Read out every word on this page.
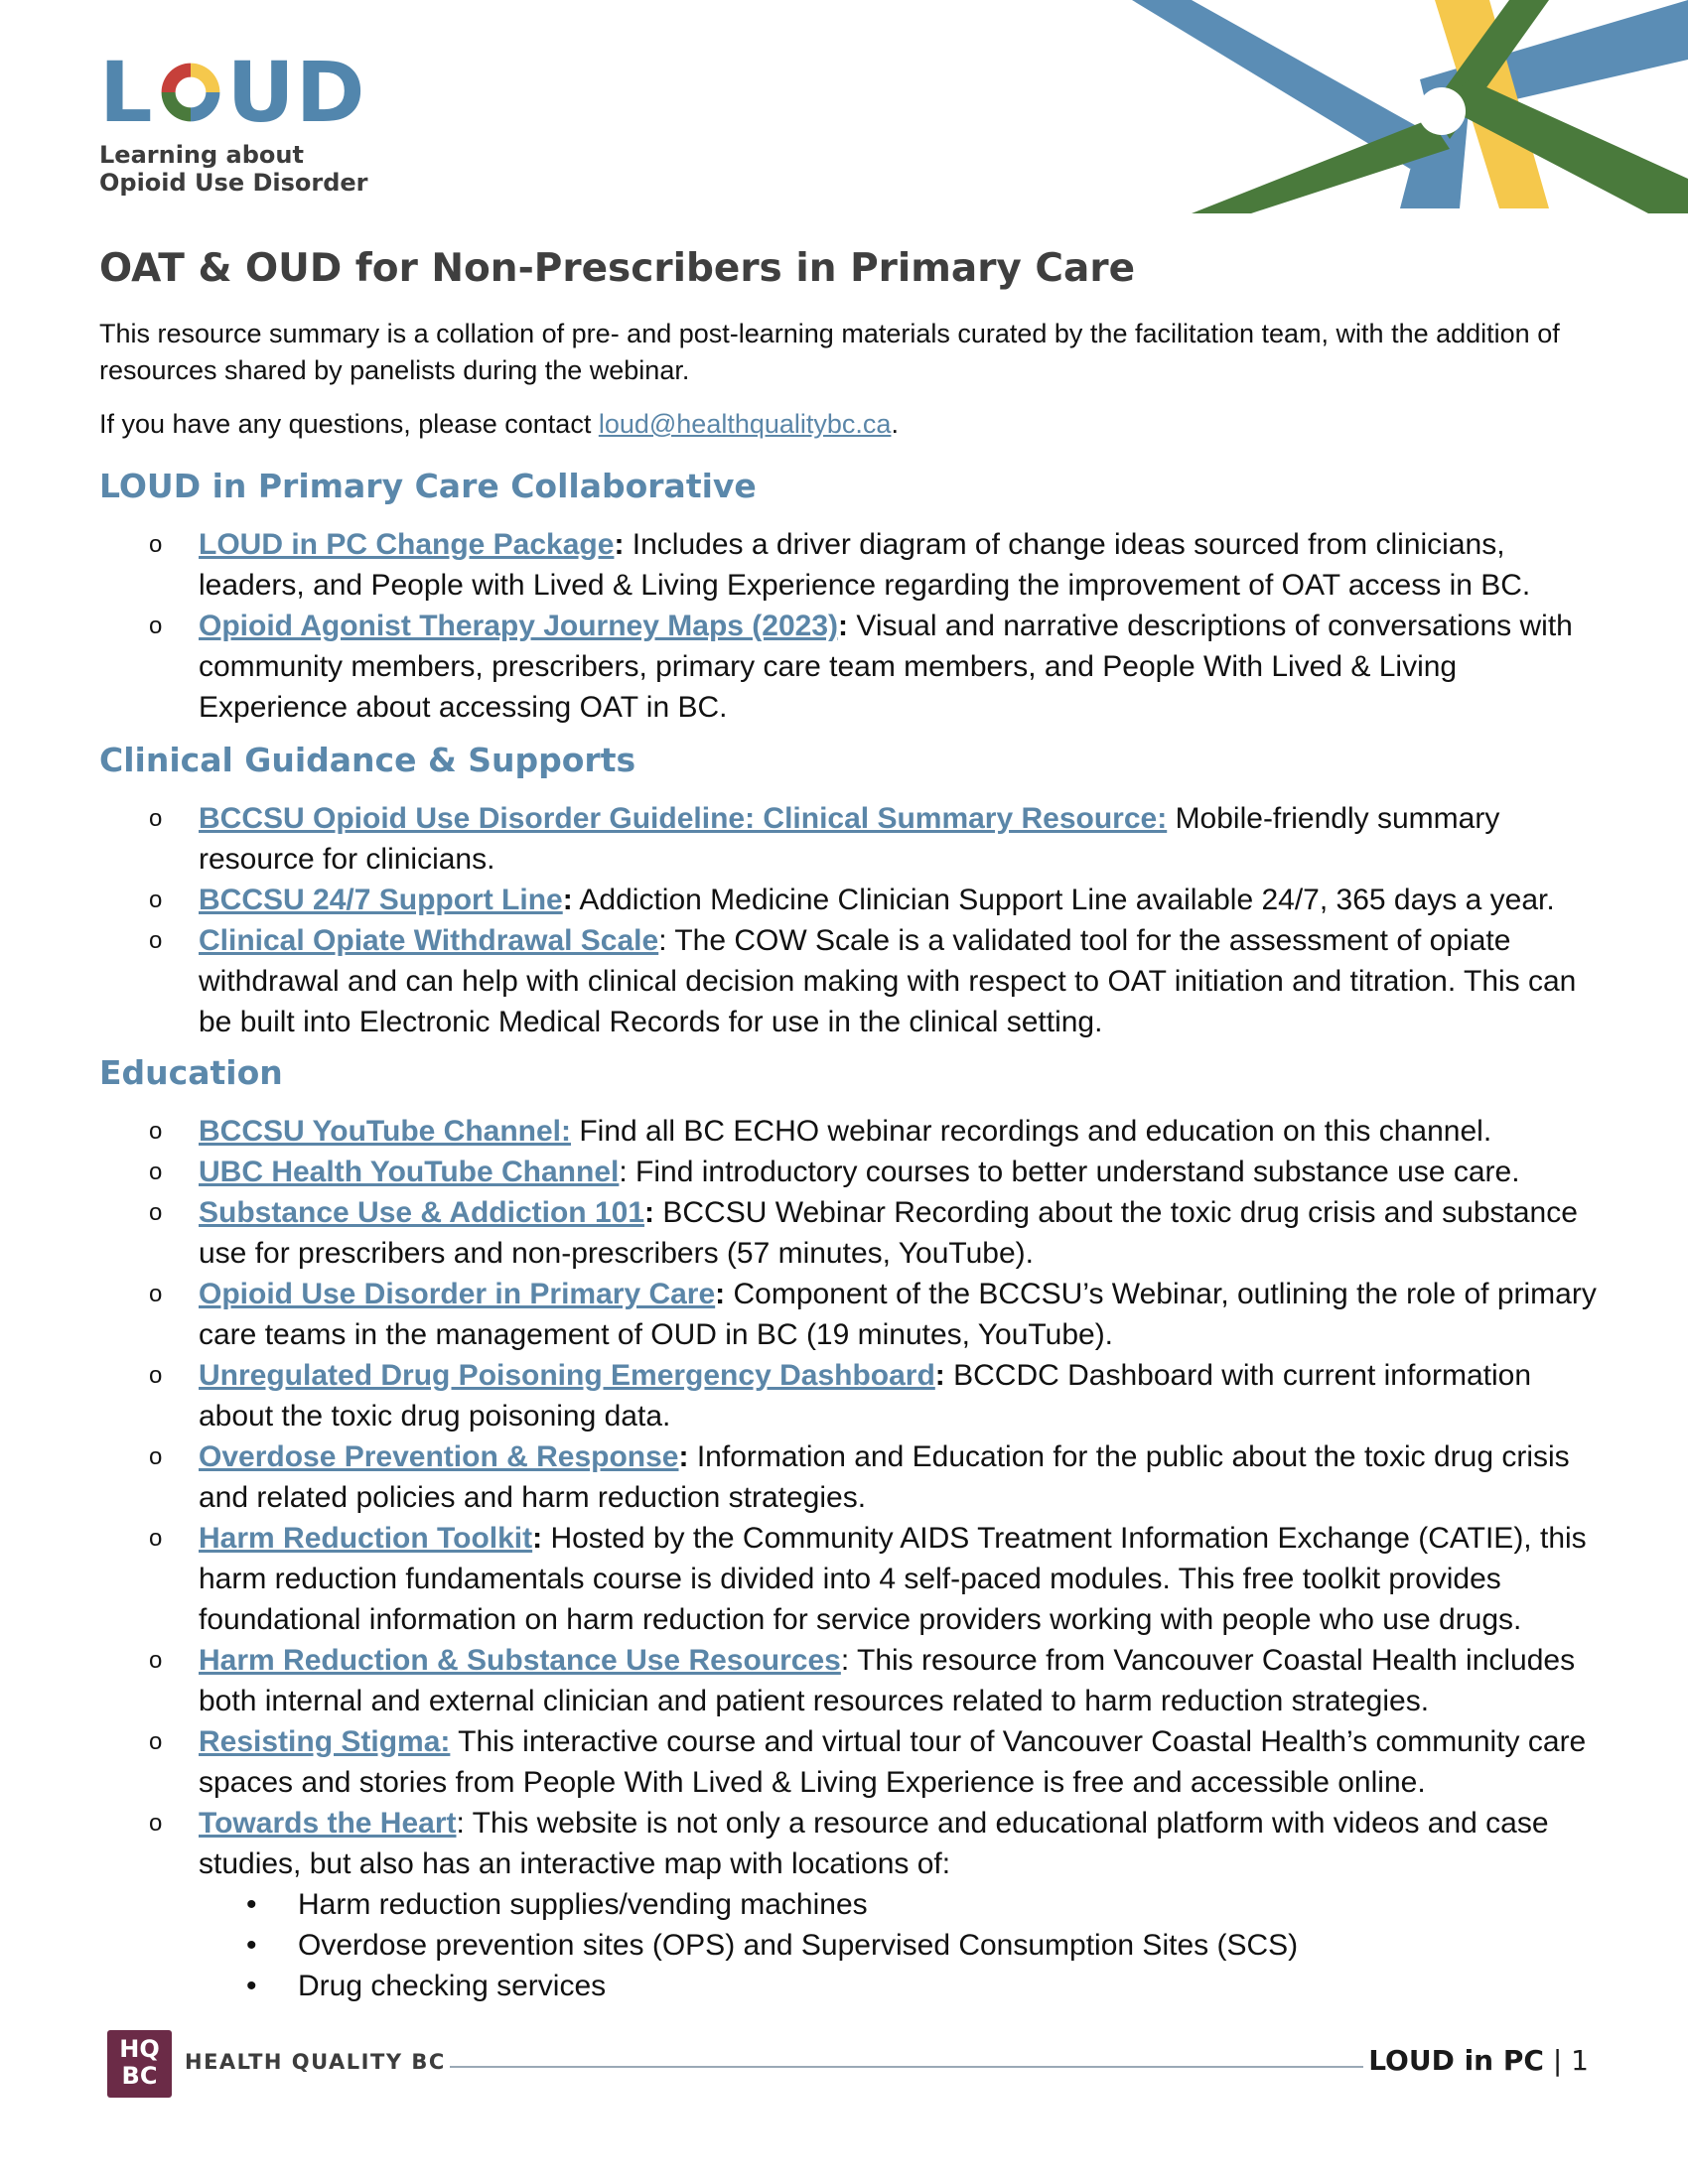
L U D
Learning about
Opioid Use Disorder
OAT & OUD for Non-Prescribers in Primary Care

This resource summary is a collation of pre- and post-learning materials curated by the facilitation team, with the addition of resources shared by panelists during the webinar.

If you have any questions, please contact loud@healthqualitybc.ca.

LOUD in Primary Care Collaborative
o LOUD in PC Change Package: Includes a driver diagram of change ideas sourced from clinicians, leaders, and People with Lived & Living Experience regarding the improvement of OAT access in BC.
o Opioid Agonist Therapy Journey Maps (2023): Visual and narrative descriptions of conversations with community members, prescribers, primary care team members, and People With Lived & Living Experience about accessing OAT in BC.
Clinical Guidance & Supports
o BCCSU Opioid Use Disorder Guideline: Clinical Summary Resource: Mobile-friendly summary resource for clinicians.
o BCCSU 24/7 Support Line: Addiction Medicine Clinician Support Line available 24/7, 365 days a year.
o Clinical Opiate Withdrawal Scale: The COW Scale is a validated tool for the assessment of opiate withdrawal and can help with clinical decision making with respect to OAT initiation and titration. This can be built into Electronic Medical Records for use in the clinical setting.
Education
o BCCSU YouTube Channel: Find all BC ECHO webinar recordings and education on this channel.
o UBC Health YouTube Channel: Find introductory courses to better understand substance use care.
o Substance Use & Addiction 101: BCCSU Webinar Recording about the toxic drug crisis and substance use for prescribers and non-prescribers (57 minutes, YouTube).
o Opioid Use Disorder in Primary Care: Component of the BCCSU’s Webinar, outlining the role of primary care teams in the management of OUD in BC (19 minutes, YouTube).
o Unregulated Drug Poisoning Emergency Dashboard: BCCDC Dashboard with current information about the toxic drug poisoning data.
o Overdose Prevention & Response: Information and Education for the public about the toxic drug crisis and related policies and harm reduction strategies.
o Harm Reduction Toolkit: Hosted by the Community AIDS Treatment Information Exchange (CATIE), this harm reduction fundamentals course is divided into 4 self-paced modules. This free toolkit provides foundational information on harm reduction for service providers working with people who use drugs.
o Harm Reduction & Substance Use Resources: This resource from Vancouver Coastal Health includes both internal and external clinician and patient resources related to harm reduction strategies.
o Resisting Stigma: This interactive course and virtual tour of Vancouver Coastal Health’s community care spaces and stories from People With Lived & Living Experience is free and accessible online.
o Towards the Heart: This website is not only a resource and educational platform with videos and case studies, but also has an interactive map with locations of:
• Harm reduction supplies/vending machines
• Overdose prevention sites (OPS) and Supervised Consumption Sites (SCS)
• Drug checking services
HQ
BC	HEALTH QUALITY BC	LOUD in PC | 1
